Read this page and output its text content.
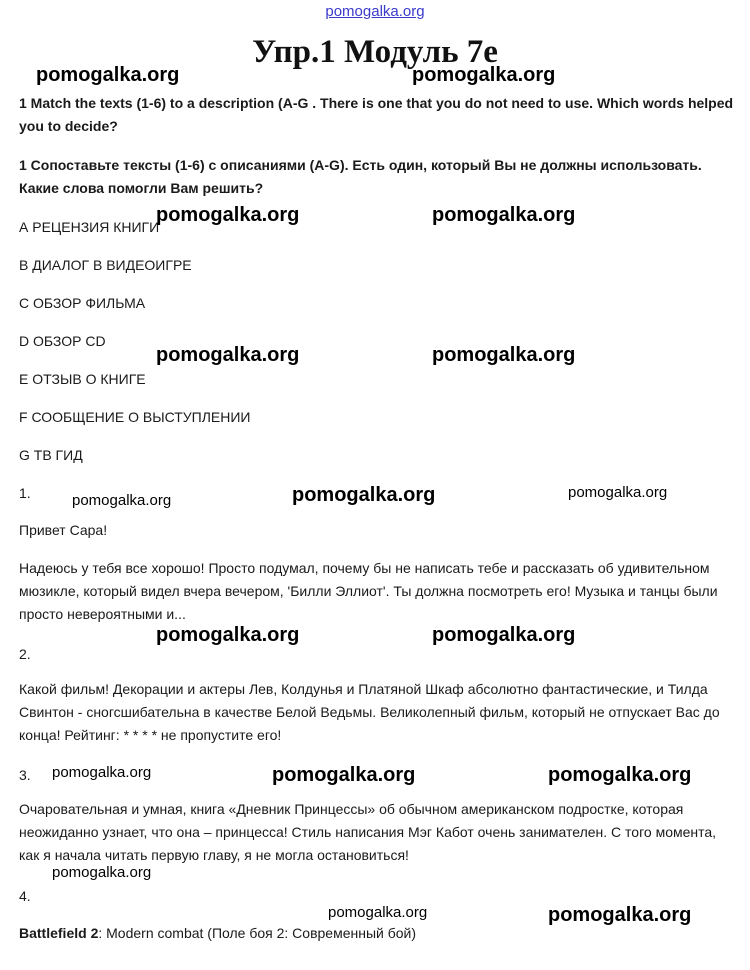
pomogalka.org
Упр.1 Модуль 7е
1 Match the texts (1-6) to a description (A-G . There is one that you do not need to use. Which words helped you to decide?
1 Сопоставьте тексты (1-6) с описаниями (A-G). Есть один, который Вы не должны использовать. Какие слова помогли Вам решить?
А РЕЦЕНЗИЯ КНИГИ
В ДИАЛОГ В ВИДЕОИГРЕ
С ОБЗОР ФИЛЬМА
D ОБЗОР CD
Е ОТЗЫВ О КНИГЕ
F СООБЩЕНИЕ О ВЫСТУПЛЕНИИ
G ТВ ГИД
1.
Привет Сара!
Надеюсь у тебя все хорошо! Просто подумал, почему бы не написать тебе и рассказать об удивительном мюзикле, который видел вчера вечером, 'Билли Эллиот'. Ты должна посмотреть его! Музыка и танцы были просто невероятными и...
2.
Какой фильм! Декорации и актеры Лев, Колдунья и Платяной Шкаф абсолютно фантастические, и Тилда Свинтон - сногсшибательна в качестве Белой Ведьмы. Великолепный фильм, который не отпускает Вас до конца! Рейтинг: * * * * не пропустите его!
3.
Очаровательная и умная, книга «Дневник Принцессы» об обычном американском подростке, которая неожиданно узнает, что она – принцесса! Стиль написания Мэг Кабот очень занимателен. С того момента, как я начала читать первую главу, я не могла остановиться!
4.
Battlefield 2: Modern combat (Поле боя 2: Современный бой)
pomogalka.org	pomogalka.org
pomogalka.org	pomogalka.org
pomogalka.org	pomogalka.org
pomogalka.org	pomogalka.org	pomogalka.org
pomogalka.org	pomogalka.org
pomogalka.org	pomogalka.org	pomogalka.org
pomogalka.org
pomogalka.org	pomogalka.org
